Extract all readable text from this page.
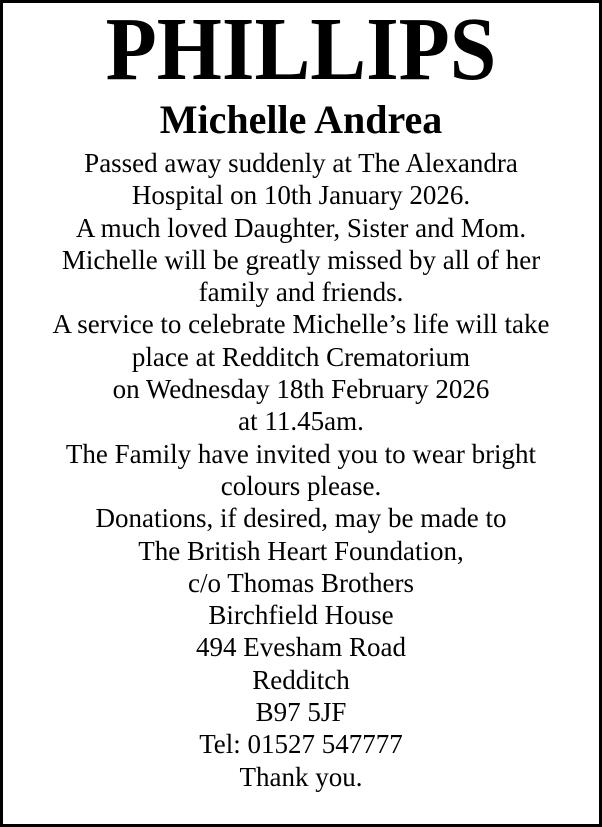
PHILLIPS
Michelle Andrea
Passed away suddenly at The Alexandra
Hospital on 10th January 2026.
A much loved Daughter, Sister and Mom.
Michelle will be greatly missed by all of her
family and friends.
A service to celebrate Michelle’s life will take
place at Redditch Crematorium
on Wednesday 18th February 2026
at 11.45am.
The Family have invited you to wear bright
colours please.
Donations, if desired, may be made to
The British Heart Foundation,
c/o Thomas Brothers
Birchfield House
494 Evesham Road
Redditch
B97 5JF
Tel: 01527 547777
Thank you.
